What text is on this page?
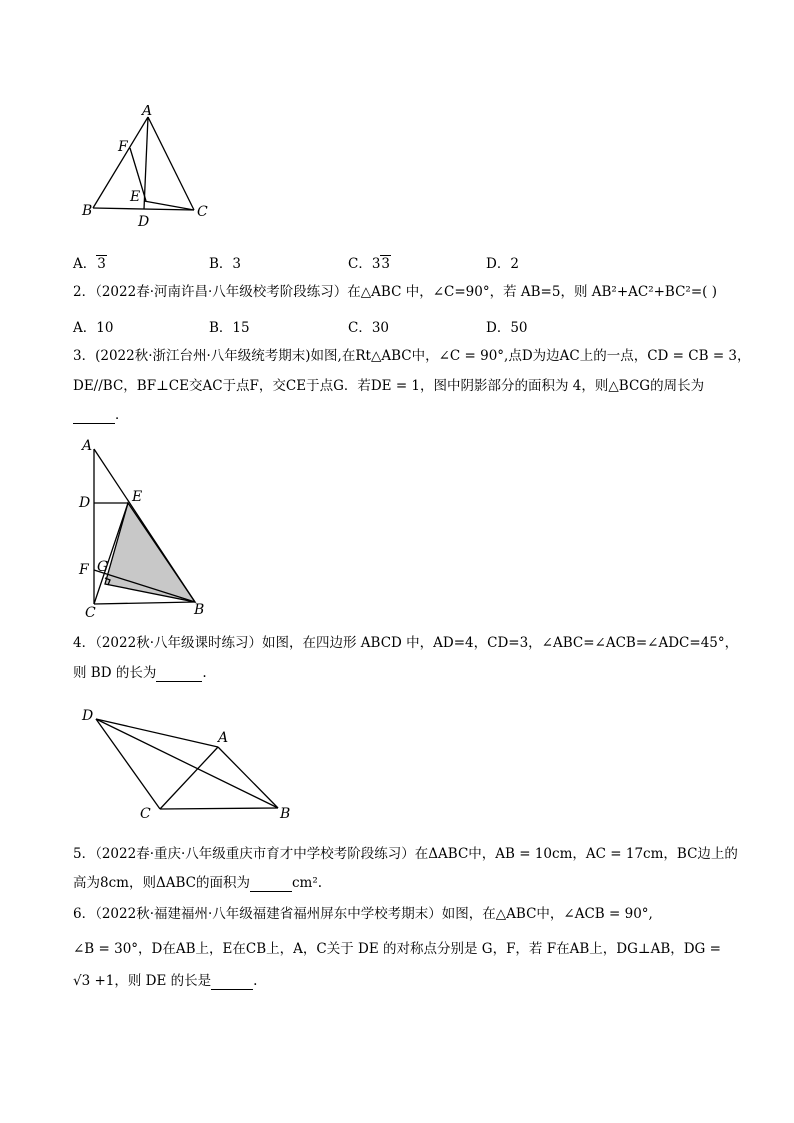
A
F
E
B	C
D
A．3	B．3	C．33	D．2
2．（2022春·河南许昌·八年级校考阶段练习）在△ABC 中，∠C=90°，若 AB=5，则 AB²+AC²+BC²=( )
A．10	B．15	C．30	D．50
3．(2022秋·浙江台州·八年级统考期末)如图,在Rt△ABC中，∠C = 90°,点D为边AC上的一点，CD = CB = 3，
DE//BC，BF⊥CE交AC于点F，交CE于点G．若DE = 1，图中阴影部分的面积为 4，则△BCG的周长为
．
A
D	E
F G
C	B
4．（2022秋·八年级课时练习）如图，在四边形 ABCD 中，AD=4，CD=3，∠ABC=∠ACB=∠ADC=45°，
则 BD 的长为	.
D
A
C	B
5．（2022春·重庆·八年级重庆市育才中学校考阶段练习）在ΔABC中，AB = 10cm，AC = 17cm，BC边上的
高为8cm，则ΔABC的面积为	cm².
6．（2022秋·福建福州·八年级福建省福州屏东中学校考期末）如图，在△ABC中，∠ACB = 90°,
∠B = 30°，D在AB上，E在CB上，A，C关于 DE 的对称点分别是 G，F，若 F在AB上，DG⊥AB，DG =
√3 +1，则 DE 的长是	.
